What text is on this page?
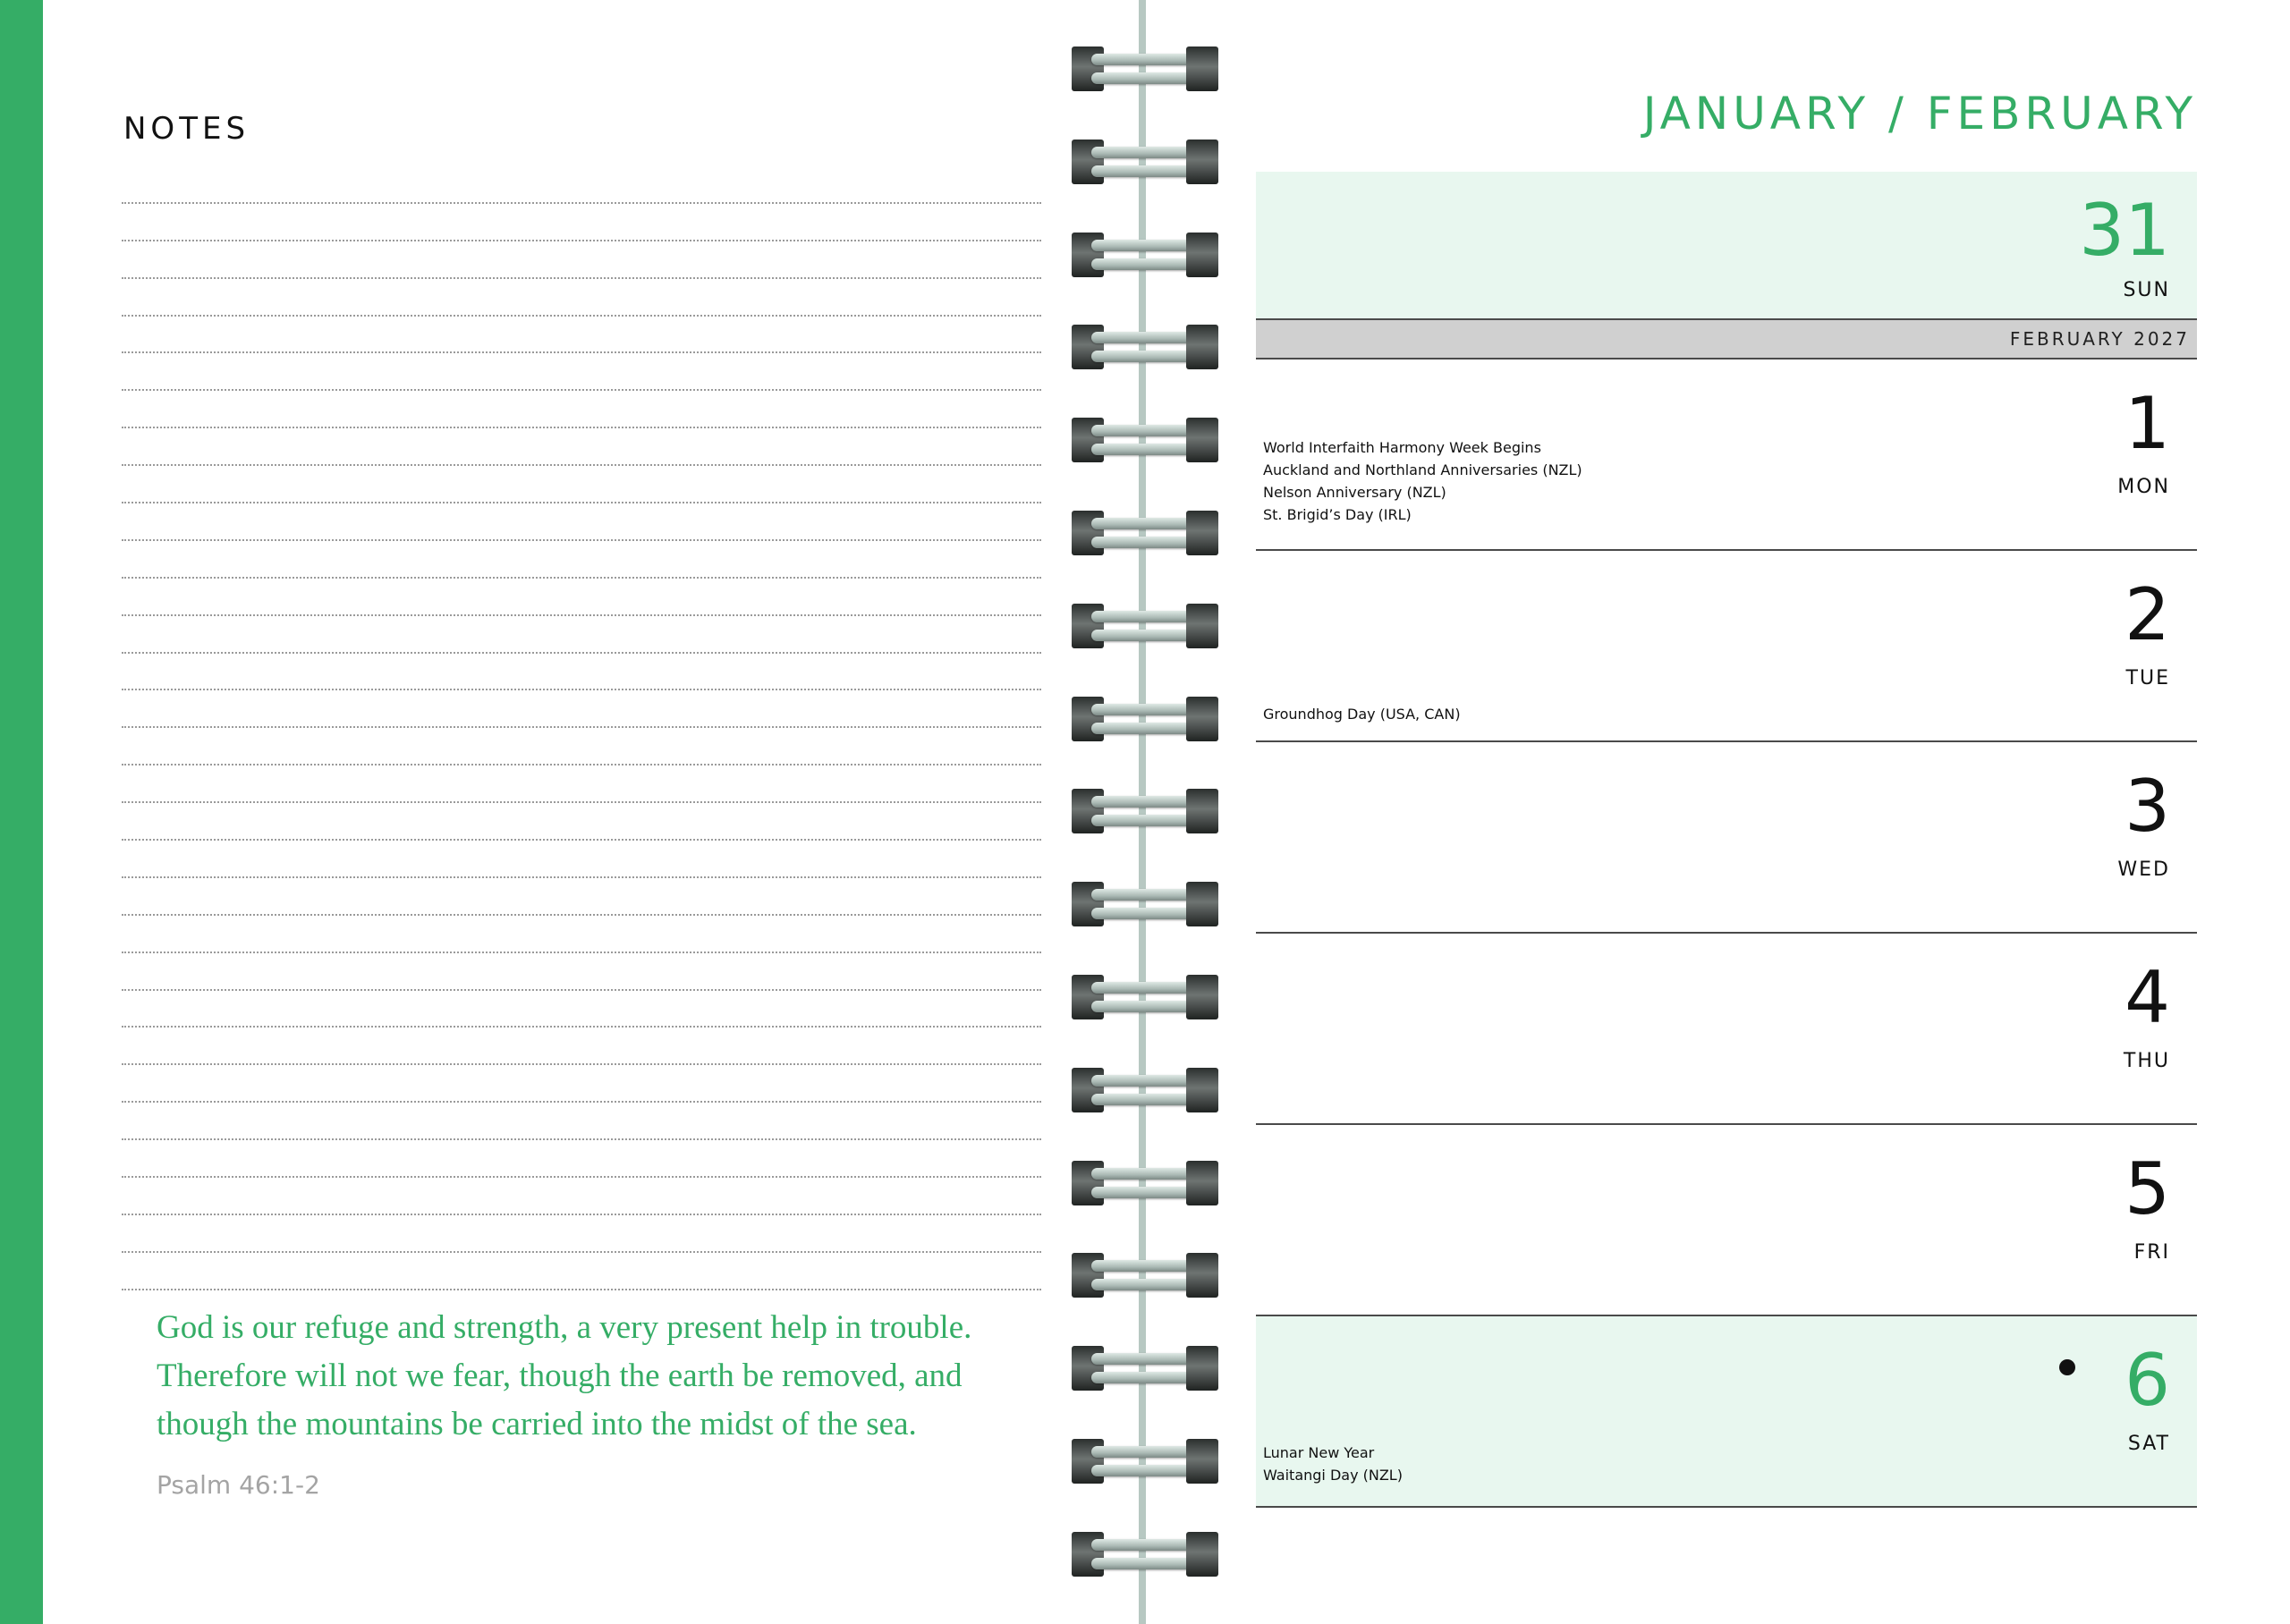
NOTES
God is our refuge and strength, a very present help in trouble.
Therefore will not we fear, though the earth be removed, and
though the mountains be carried into the midst of the sea.
Psalm 46:1-2
JANUARY / FEBRUARY
31
SUN
FEBRUARY 2027
World Interfaith Harmony Week Begins
Auckland and Northland Anniversaries (NZL)
Nelson Anniversary (NZL)
St. Brigid’s Day (IRL)
1
MON
Groundhog Day (USA, CAN)
2
TUE
3
WED
4
THU
5
FRI
Lunar New Year
Waitangi Day (NZL)
6
SAT
